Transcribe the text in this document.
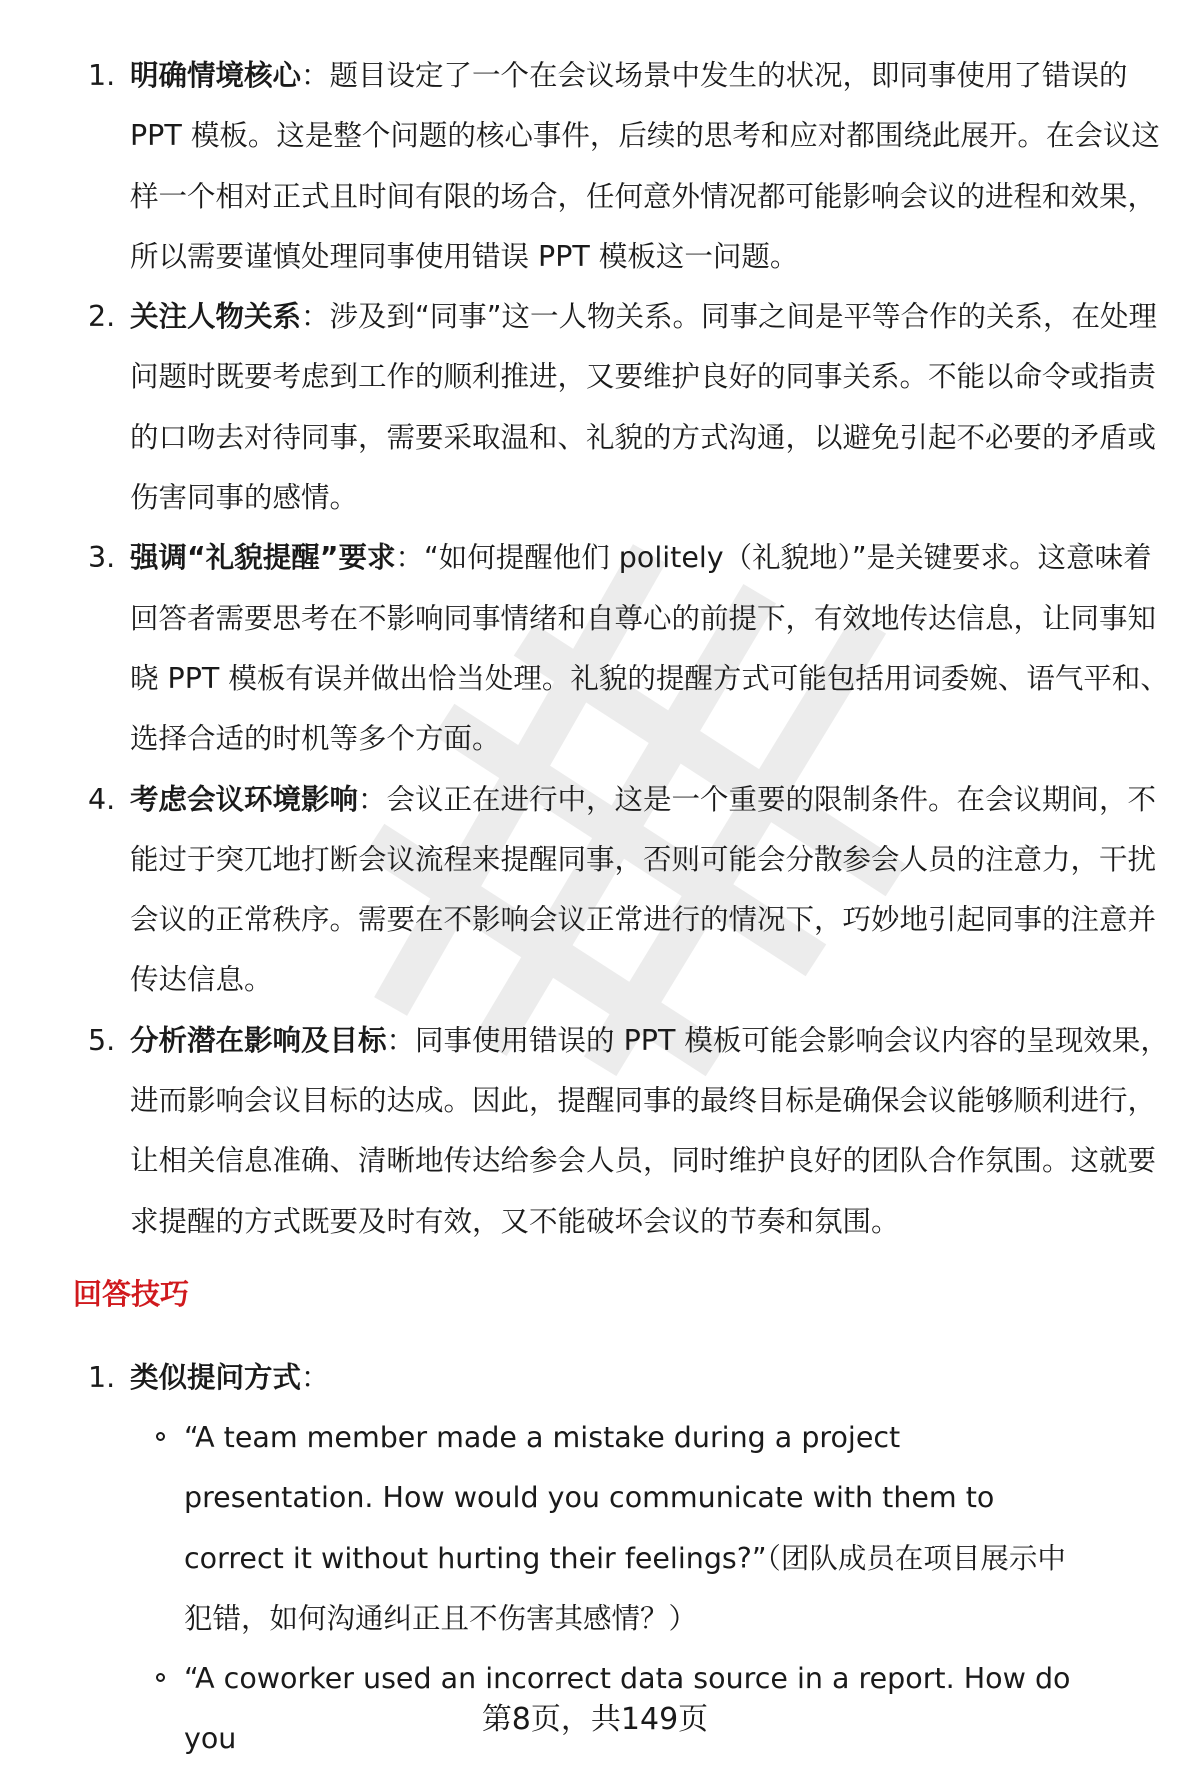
1. 明确情境核心：题目设定了一个在会议场景中发生的状况，即同事使用了错误的 PPT 模板。这是整个问题的核心事件，后续的思考和应对都围绕此展开。在会议这样一个相对正式且时间有限的场合，任何意外情况都可能影响会议的进程和效果，所以需要谨慎处理同事使用错误 PPT 模板这一问题。
2. 关注人物关系：涉及到“同事”这一人物关系。同事之间是平等合作的关系，在处理问题时既要考虑到工作的顺利推进，又要维护良好的同事关系。不能以命令或指责的口吻去对待同事，需要采取温和、礼貌的方式沟通，以避免引起不必要的矛盾或伤害同事的感情。
3. 强调“礼貌提醒”要求：“如何提醒他们 politely（礼貌地）”是关键要求。这意味着回答者需要思考在不影响同事情绪和自尊心的前提下，有效地传达信息，让同事知晓 PPT 模板有误并做出恰当处理。礼貌的提醒方式可能包括用词委婉、语气平和、选择合适的时机等多个方面。
4. 考虑会议环境影响：会议正在进行中，这是一个重要的限制条件。在会议期间，不能过于突兀地打断会议流程来提醒同事，否则可能会分散参会人员的注意力，干扰会议的正常秩序。需要在不影响会议正常进行的情况下，巧妙地引起同事的注意并传达信息。
5. 分析潜在影响及目标：同事使用错误的 PPT 模板可能会影响会议内容的呈现效果，进而影响会议目标的达成。因此，提醒同事的最终目标是确保会议能够顺利进行，让相关信息准确、清晰地传达给参会人员，同时维护良好的团队合作氛围。这就要求提醒的方式既要及时有效，又不能破坏会议的节奏和氛围。
回答技巧
1. 类似提问方式：
“A team member made a mistake during a project presentation. How would you communicate with them to correct it without hurting their feelings?”（团队成员在项目展示中犯错，如何沟通纠正且不伤害其感情？）
“A coworker used an incorrect data source in a report. How do you
第8页，共149页
